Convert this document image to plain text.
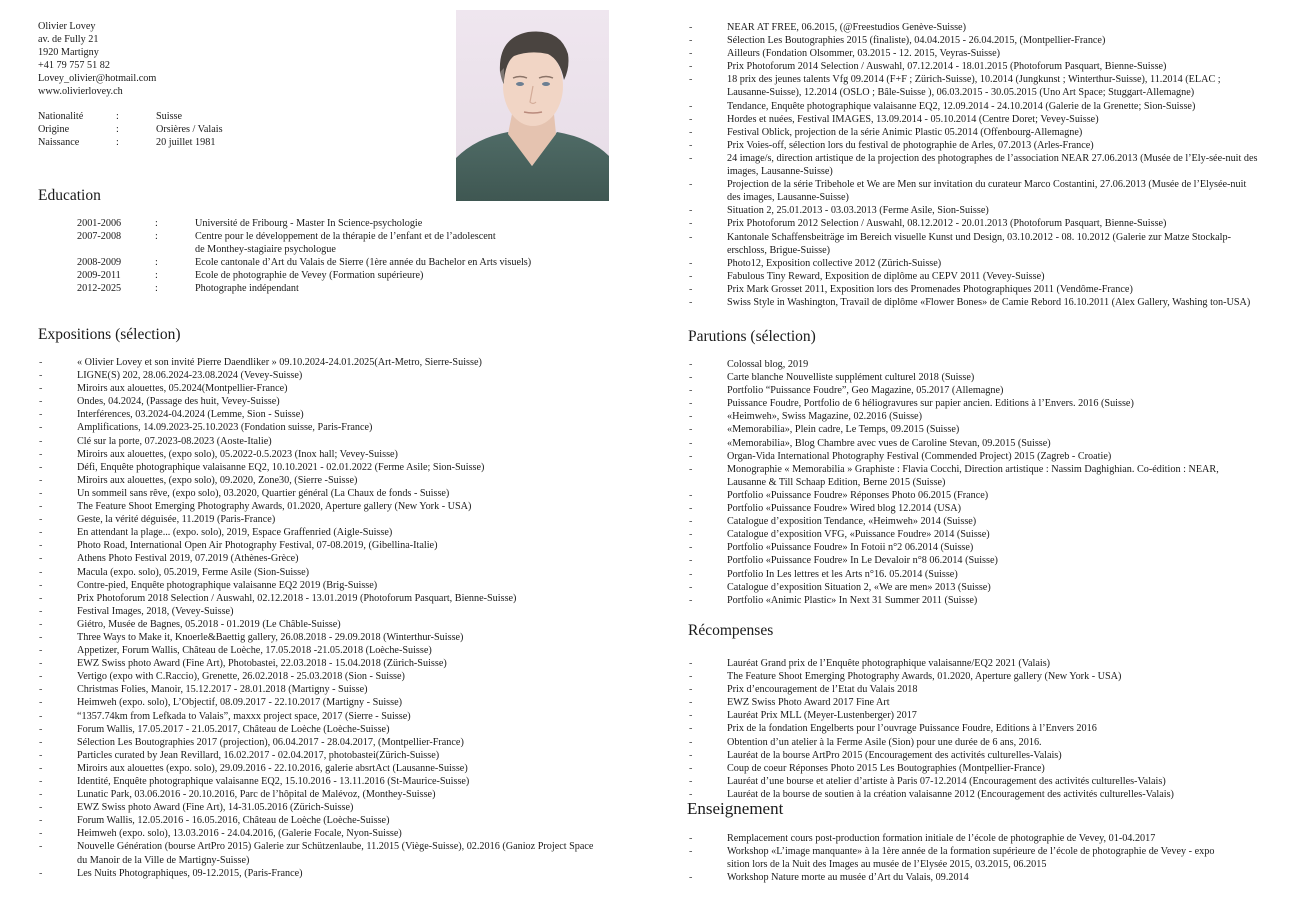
Olivier Lovey
av. de Fully 21
1920 Martigny
+41 79 757 51 82
Lovey_olivier@hotmail.com
www.olivierlovey.ch
Nationalité	:	Suisse
Origine	:	Orsières / Valais
Naissance	:	20 juillet 1981
Education
2001-2006	:	Université de Fribourg - Master In Science-psychologie
2007-2008	:	Centre pour le développement de la thérapie de l’enfant et de l’adolescent
de Monthey-stagiaire psychologue
2008-2009	:	Ecole cantonale d’Art du Valais de Sierre (1ère année du Bachelor en Arts visuels)
2009-2011	:	Ecole de photographie de Vevey (Formation supérieure)
2012-2025	:	Photographe indépendant
Expositions (sélection)
-	« Olivier Lovey et son invité Pierre Daendliker » 09.10.2024-24.01.2025(Art-Metro, Sierre-Suisse)
-	LIGNE(S) 202, 28.06.2024-23.08.2024 (Vevey-Suisse)
-	Miroirs aux alouettes, 05.2024(Montpellier-France)
-	Ondes, 04.2024, (Passage des huit, Vevey-Suisse)
-	Interférences, 03.2024-04.2024 (Lemme, Sion - Suisse)
-	Amplifications, 14.09.2023-25.10.2023 (Fondation suisse, Paris-France)
-	Clé sur la porte, 07.2023-08.2023 (Aoste-Italie)
-	Miroirs aux alouettes, (expo solo), 05.2022-0.5.2023 (Inox hall; Vevey-Suisse)
-	Défi, Enquête photographique valaisanne EQ2, 10.10.2021 - 02.01.2022 (Ferme Asile; Sion-Suisse)
-	Miroirs aux alouettes, (expo solo), 09.2020, Zone30, (Sierre -Suisse)
-	Un sommeil sans rêve, (expo solo), 03.2020, Quartier général (La Chaux de fonds - Suisse)
-	The Feature Shoot Emerging Photography Awards, 01.2020, Aperture gallery (New York - USA)
-	Geste, la vérité déguisée, 11.2019 (Paris-France)
-	En attendant la plage... (expo. solo), 2019, Espace Graffenried (Aigle-Suisse)
-	Photo Road, International Open Air Photography Festival, 07-08.2019, (Gibellina-Italie)
-	Athens Photo Festival 2019, 07.2019 (Athènes-Grèce)
-	Macula (expo. solo), 05.2019, Ferme Asile (Sion-Suisse)
-	Contre-pied, Enquête photographique valaisanne EQ2 2019 (Brig-Suisse)
-	Prix Photoforum 2018 Selection / Auswahl, 02.12.2018 - 13.01.2019 (Photoforum Pasquart, Bienne-Suisse)
-	Festival Images, 2018, (Vevey-Suisse)
-	Giétro, Musée de Bagnes, 05.2018 - 01.2019 (Le Châble-Suisse)
-	Three Ways to Make it, Knoerle&Baettig gallery, 26.08.2018 - 29.09.2018 (Winterthur-Suisse)
-	Appetizer, Forum Wallis, Château de Loèche, 17.05.2018 -21.05.2018 (Loèche-Suisse)
-	EWZ Swiss photo Award (Fine Art), Photobastei, 22.03.2018 - 15.04.2018 (Zürich-Suisse)
-	Vertigo (expo with C.Raccio), Grenette, 26.02.2018 - 25.03.2018 (Sion - Suisse)
-	Christmas Folies, Manoir, 15.12.2017 - 28.01.2018 (Martigny - Suisse)
-	Heimweh (expo. solo), L’Objectif, 08.09.2017 - 22.10.2017 (Martigny - Suisse)
-	“1357.74km from Lefkada to Valais”, maxxx project space, 2017 (Sierre - Suisse)
-	Forum Wallis, 17.05.2017 - 21.05.2017, Château de Loèche (Loèche-Suisse)
-	Sélection Les Boutographies 2017 (projection), 06.04.2017 - 28.04.2017, (Montpellier-France)
-	Particles curated by Jean Revillard, 16.02.2017 - 02.04.2017, photobastei(Zürich-Suisse)
-	Miroirs aux alouettes (expo. solo), 29.09.2016 - 22.10.2016, galerie absrtAct (Lausanne-Suisse)
-	Identité, Enquête photographique valaisanne EQ2, 15.10.2016 - 13.11.2016 (St-Maurice-Suisse)
-	Lunatic Park, 03.06.2016 - 20.10.2016, Parc de l’hôpital de Malévoz, (Monthey-Suisse)
-	EWZ Swiss photo Award (Fine Art), 14-31.05.2016 (Zürich-Suisse)
-	Forum Wallis, 12.05.2016 - 16.05.2016, Château de Loèche (Loèche-Suisse)
-	Heimweh (expo. solo), 13.03.2016 - 24.04.2016, (Galerie Focale, Nyon-Suisse)
-	Nouvelle Génération (bourse ArtPro 2015) Galerie zur Schützenlaube, 11.2015 (Viège-Suisse), 02.2016 (Ganioz Project Space du Manoir de la Ville de Martigny-Suisse)
-	Les Nuits Photographiques, 09-12.2015, (Paris-France)
-	NEAR AT FREE, 06.2015, (@Freestudios Genève-Suisse)
-	Sélection Les Boutographies 2015 (finaliste), 04.04.2015 - 26.04.2015, (Montpellier-France)
-	Ailleurs (Fondation Olsommer, 03.2015 - 12. 2015, Veyras-Suisse)
-	Prix Photoforum 2014 Selection / Auswahl, 07.12.2014 - 18.01.2015 (Photoforum Pasquart, Bienne-Suisse)
-	18 prix des jeunes talents Vfg 09.2014 (F+F ; Zürich-Suisse), 10.2014 (Jungkunst ; Winterthur-Suisse), 11.2014 (ELAC ; Lausanne-Suisse), 12.2014 (OSLO ; Bâle-Suisse ), 06.03.2015 - 30.05.2015 (Uno Art Space; Stuggart-Allemagne)
-	Tendance, Enquête photographique valaisanne EQ2, 12.09.2014 - 24.10.2014 (Galerie de la Grenette; Sion-Suisse)
-	Hordes et nuées, Festival IMAGES, 13.09.2014 - 05.10.2014 (Centre Doret; Vevey-Suisse)
-	Festival Oblick, projection de la série Animic Plastic 05.2014 (Offenbourg-Allemagne)
-	Prix Voies-off, sélection lors du festival de photographie de Arles, 07.2013 (Arles-France)
-	24 image/s, direction artistique de la projection des photographes de l’association NEAR 27.06.2013 (Musée de l’Ely-sée-nuit des images, Lausanne-Suisse)
-	Projection de la série Tribehole et We are Men sur invitation du curateur Marco Costantini, 27.06.2013 (Musée de l’Elysée-nuit des images, Lausanne-Suisse)
-	Situation 2, 25.01.2013 - 03.03.2013 (Ferme Asile, Sion-Suisse)
-	Prix Photoforum 2012 Selection / Auswahl, 08.12.2012 - 20.01.2013 (Photoforum Pasquart, Bienne-Suisse)
-	Kantonale Schaffensbeiträge im Bereich visuelle Kunst und Design, 03.10.2012 - 08. 10.2012 (Galerie zur Matze Stockalp-erschloss, Brigue-Suisse)
-	Photo12, Exposition collective 2012 (Zürich-Suisse)
-	Fabulous Tiny Reward, Exposition de diplôme au CEPV 2011 (Vevey-Suisse)
-	Prix Mark Grosset 2011, Exposition lors des Promenades Photographiques 2011 (Vendôme-France)
-	Swiss Style in Washington, Travail de diplôme «Flower Bones» de Camie Rebord 16.10.2011 (Alex Gallery, Washing ton-USA)
Parutions (sélection)
-	Colossal blog, 2019
-	Carte blanche Nouvelliste supplément culturel 2018 (Suisse)
-	Portfolio “Puissance Foudre”, Geo Magazine, 05.2017 (Allemagne)
-	Puissance Foudre, Portfolio de 6 héliogravures sur papier ancien. Editions à l’Envers. 2016 (Suisse)
-	«Heimweh», Swiss Magazine, 02.2016 (Suisse)
-	«Memorabilia», Plein cadre, Le Temps, 09.2015 (Suisse)
-	«Memorabilia», Blog Chambre avec vues de Caroline Stevan, 09.2015 (Suisse)
-	Organ-Vida International Photography Festival (Commended Project) 2015 (Zagreb - Croatie)
-	Monographie « Memorabilia » Graphiste : Flavia Cocchi, Direction artistique : Nassim Daghighian. Co-édition : NEAR, Lausanne & Till Schaap Edition, Berne 2015 (Suisse)
-	Portfolio «Puissance Foudre» Réponses Photo 06.2015 (France)
-	Portfolio «Puissance Foudre» Wired blog 12.2014 (USA)
-	Catalogue d’exposition Tendance, «Heimweh» 2014 (Suisse)
-	Catalogue d’exposition VFG, «Puissance Foudre» 2014 (Suisse)
-	Portfolio «Puissance Foudre» In Fotoii n°2 06.2014 (Suisse)
-	Portfolio «Puissance Foudre» In Le Devaloir n°8 06.2014 (Suisse)
-	Portfolio In Les lettres et les Arts n°16. 05.2014 (Suisse)
-	Catalogue d’exposition Situation 2, «We are men» 2013 (Suisse)
-	Portfolio «Animic Plastic» In Next 31 Summer 2011 (Suisse)
Récompenses
-	Lauréat Grand prix de l’Enquête photographique valaisanne/EQ2 2021 (Valais)
-	The Feature Shoot Emerging Photography Awards, 01.2020, Aperture gallery (New York - USA)
-	Prix d’encouragement de l’Etat du Valais 2018
-	EWZ Swiss Photo Award 2017 Fine Art
-	Lauréat Prix MLL (Meyer-Lustenberger) 2017
-	Prix de la fondation Engelberts pour l’ouvrage Puissance Foudre, Editions à l’Envers 2016
-	Obtention d’un atelier à la Ferme Asile (Sion) pour une durée de 6 ans, 2016.
-	Lauréat de la bourse ArtPro 2015 (Encouragement des activités culturelles-Valais)
-	Coup de coeur Réponses Photo 2015 Les Boutographies (Montpellier-France)
-	Lauréat d’une bourse et atelier d’artiste à Paris 07-12.2014 (Encouragement des activités culturelles-Valais)
-	Lauréat de la bourse de soutien à la création valaisanne 2012 (Encouragement des activités culturelles-Valais)
Enseignement
-	Remplacement cours post-production formation initiale de l’école de photographie de Vevey, 01-04.2017
-	Workshop «L’image manquante» à la 1ère année de la formation supérieure de l’école de photographie de Vevey - expo sition lors de la Nuit des Images au musée de l’Elysée 2015, 03.2015, 06.2015
-	Workshop Nature morte au musée d’Art du Valais, 09.2014
